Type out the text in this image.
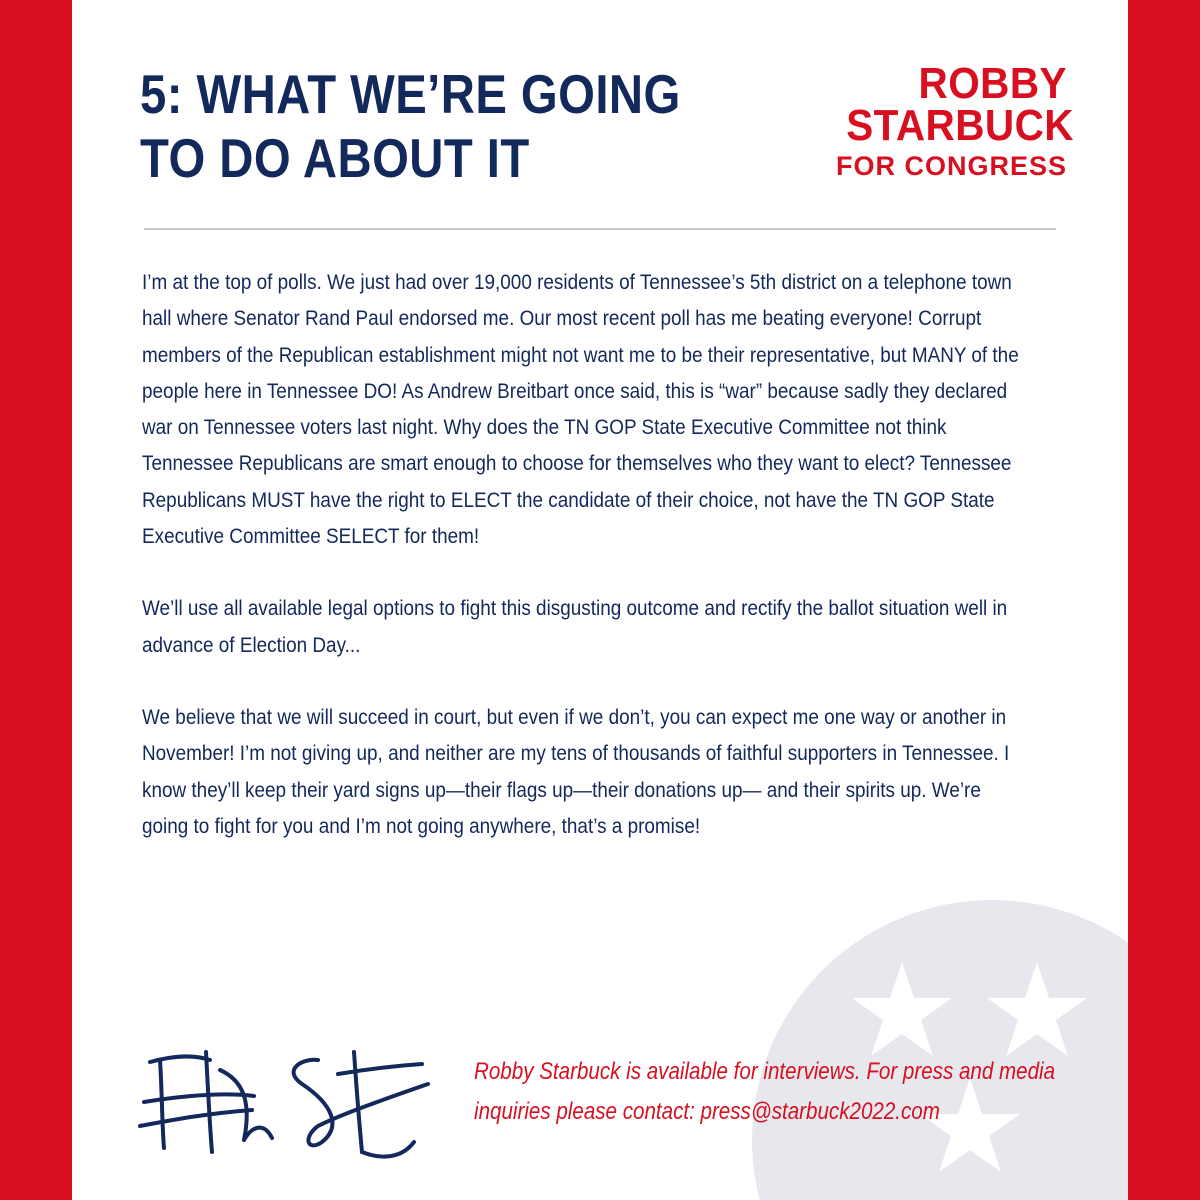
5: WHAT WE’RE GOING
TO DO ABOUT IT
ROBBY
STARBUCK
FOR CONGRESS

I’m at the top of polls. We just had over 19,000 residents of Tennessee’s 5th district on a telephone town hall where Senator Rand Paul endorsed me. Our most recent poll has me beating everyone! Corrupt members of the Republican establishment might not want me to be their representative, but MANY of the people here in Tennessee DO! As Andrew Breitbart once said, this is “war” because sadly they declared war on Tennessee voters last night. Why does the TN GOP State Executive Committee not think Tennessee Republicans are smart enough to choose for themselves who they want to elect? Tennessee Republicans MUST have the right to ELECT the candidate of their choice, not have the TN GOP State Executive Committee SELECT for them!

We’ll use all available legal options to fight this disgusting outcome and rectify the ballot situation well in advance of Election Day...

We believe that we will succeed in court, but even if we don’t, you can expect me one way or another in November! I’m not giving up, and neither are my tens of thousands of faithful supporters in Tennessee. I know they’ll keep their yard signs up—their flags up—their donations up— and their spirits up. We’re going to fight for you and I’m not going anywhere, that’s a promise!

Robby Starbuck is available for interviews. For press and media inquiries please contact: press@starbuck2022.com
